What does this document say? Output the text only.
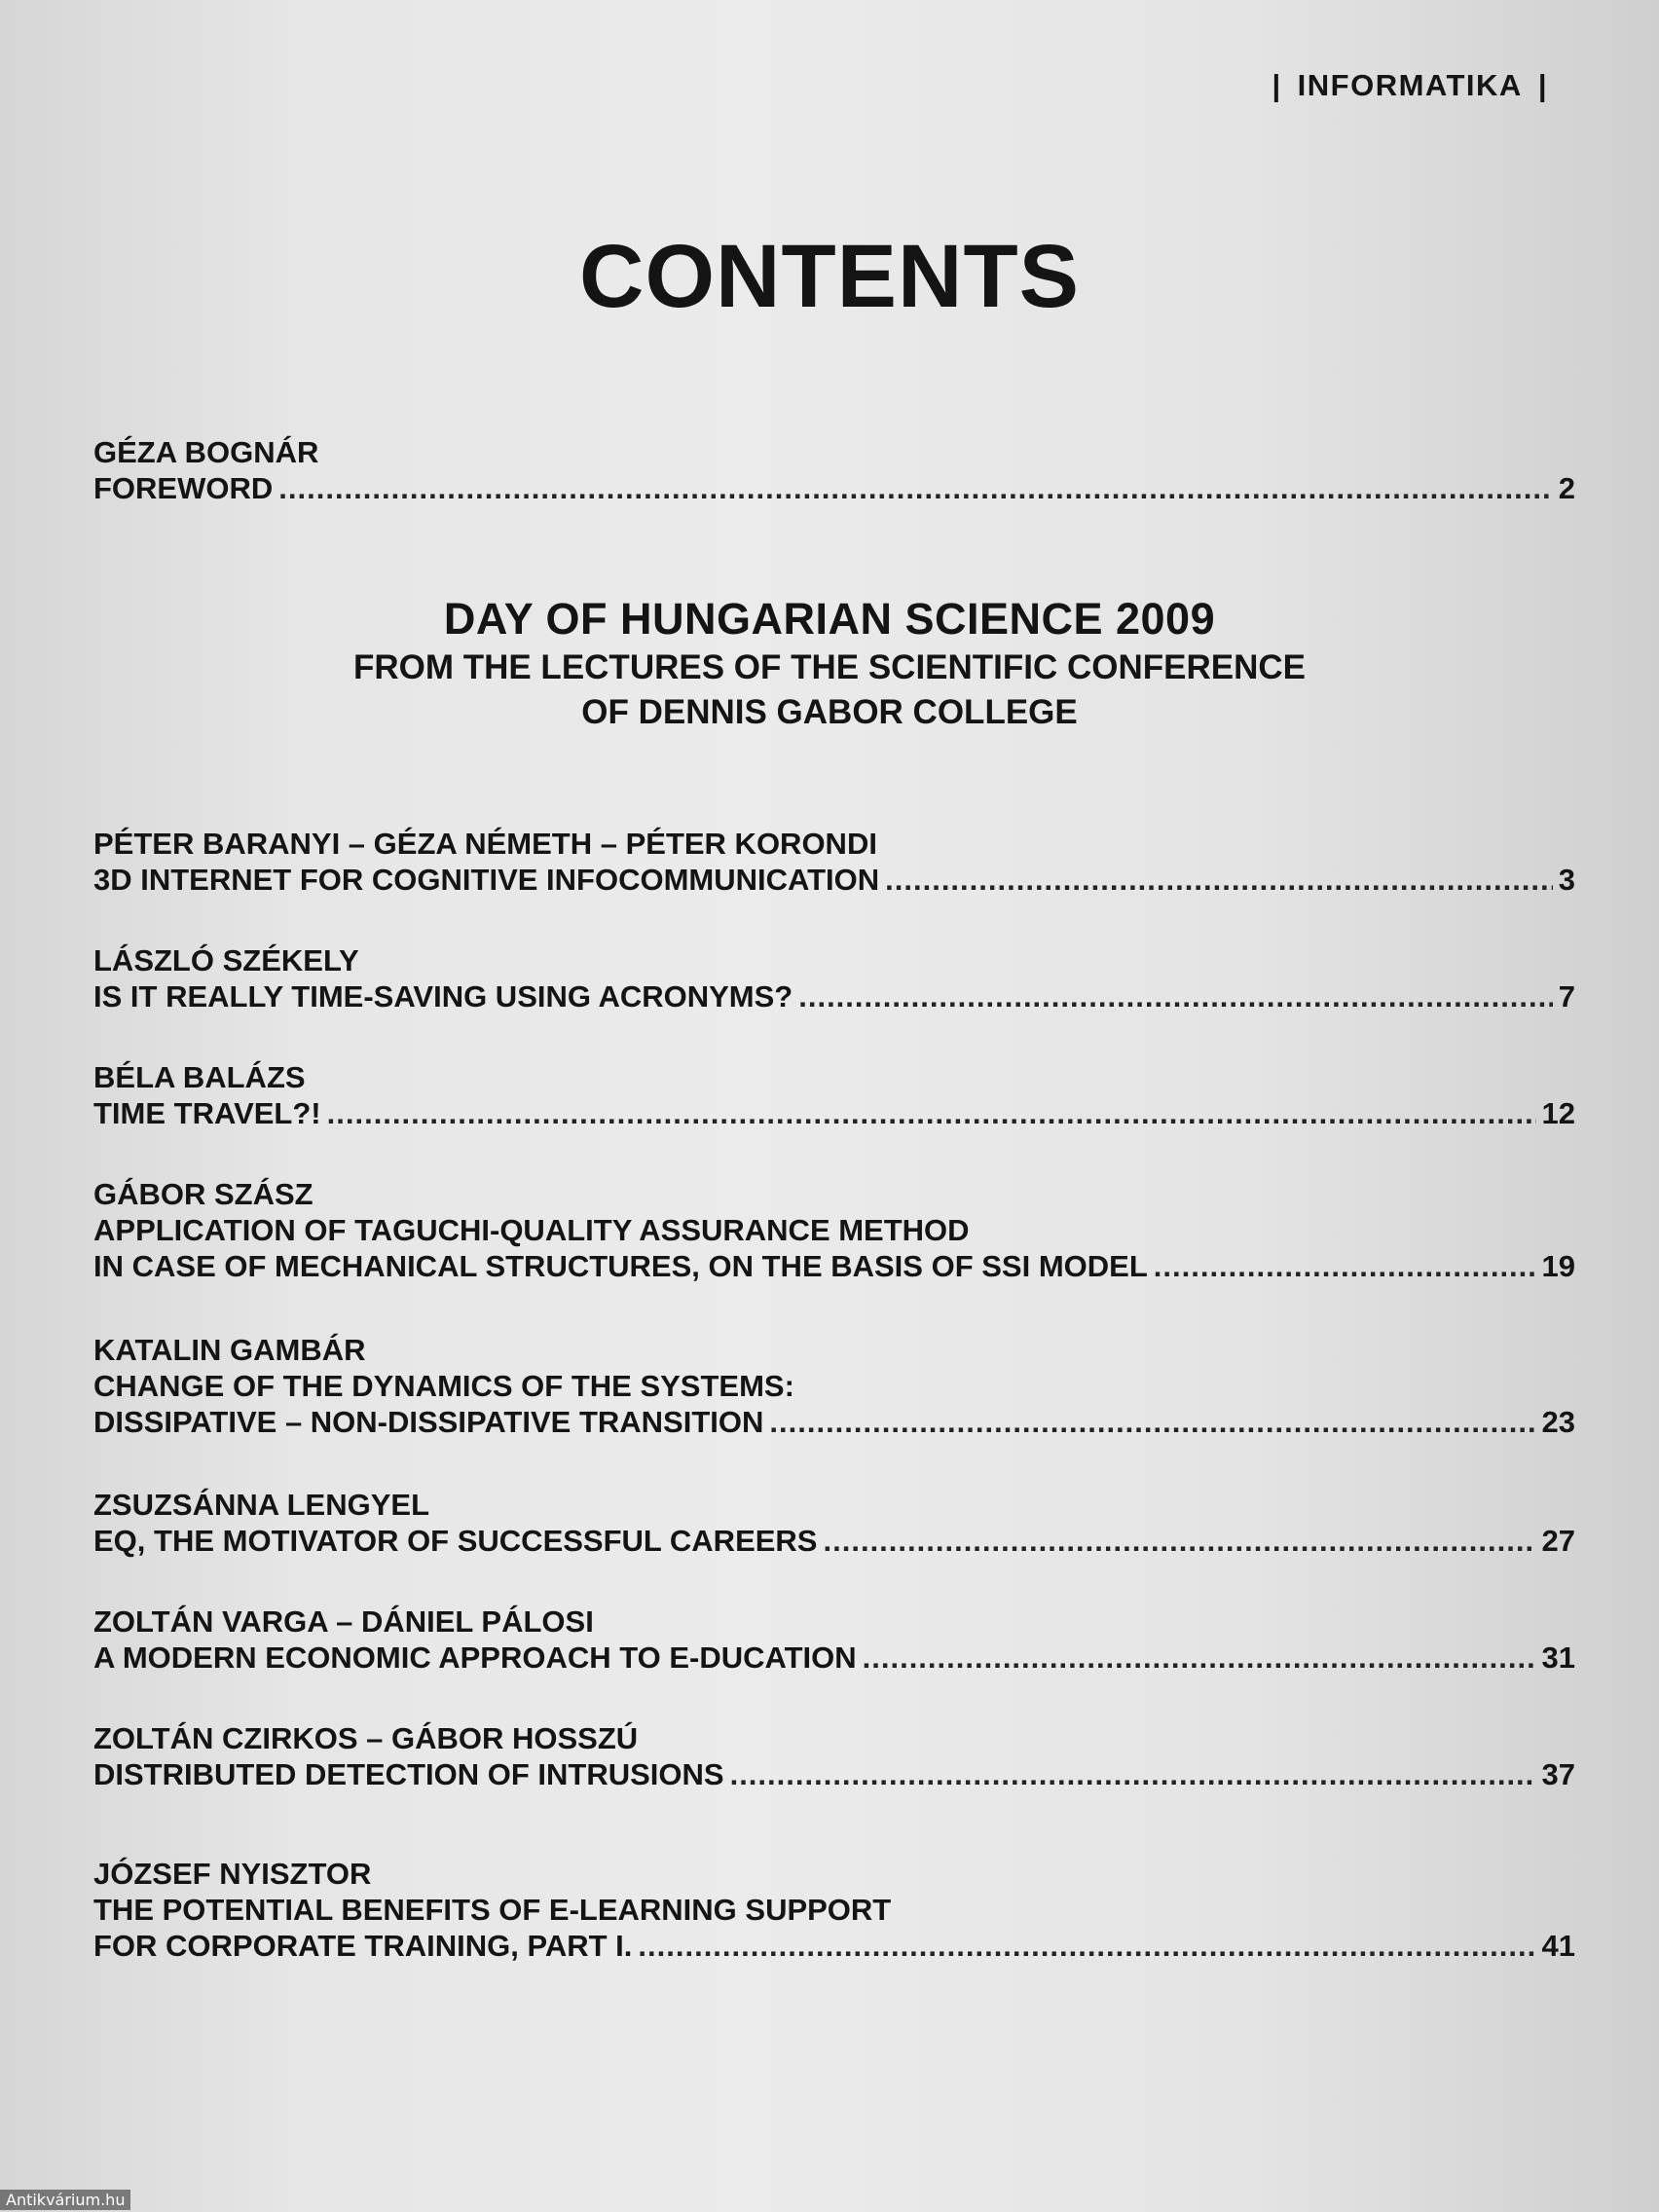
| INFORMATIKA |
CONTENTS
GÉZA BOGNÁR
FOREWORD .....	2
DAY OF HUNGARIAN SCIENCE 2009
FROM THE LECTURES OF THE SCIENTIFIC CONFERENCE
OF DENNIS GABOR COLLEGE
PÉTER BARANYI – GÉZA NÉMETH – PÉTER KORONDI
3D INTERNET FOR COGNITIVE INFOCOMMUNICATION .....	3
LÁSZLÓ SZÉKELY
IS IT REALLY TIME-SAVING USING ACRONYMS? .....	7
BÉLA BALÁZS
TIME TRAVEL?! .....	12
GÁBOR SZÁSZ
APPLICATION OF TAGUCHI-QUALITY ASSURANCE METHOD
IN CASE OF MECHANICAL STRUCTURES, ON THE BASIS OF SSI MODEL .....	19
KATALIN GAMBÁR
CHANGE OF THE DYNAMICS OF THE SYSTEMS:
DISSIPATIVE – NON-DISSIPATIVE TRANSITION .....	23
ZSUZSÁNNA LENGYEL
EQ, THE MOTIVATOR OF SUCCESSFUL CAREERS .....	27
ZOLTÁN VARGA – DÁNIEL PÁLOSI
A MODERN ECONOMIC APPROACH TO E-DUCATION .....	31
ZOLTÁN CZIRKOS – GÁBOR HOSSZÚ
DISTRIBUTED DETECTION OF INTRUSIONS .....	37
JÓZSEF NYISZTOR
THE POTENTIAL BENEFITS OF E-LEARNING SUPPORT
FOR CORPORATE TRAINING, PART I. .....	41
Antikvárium.hu
